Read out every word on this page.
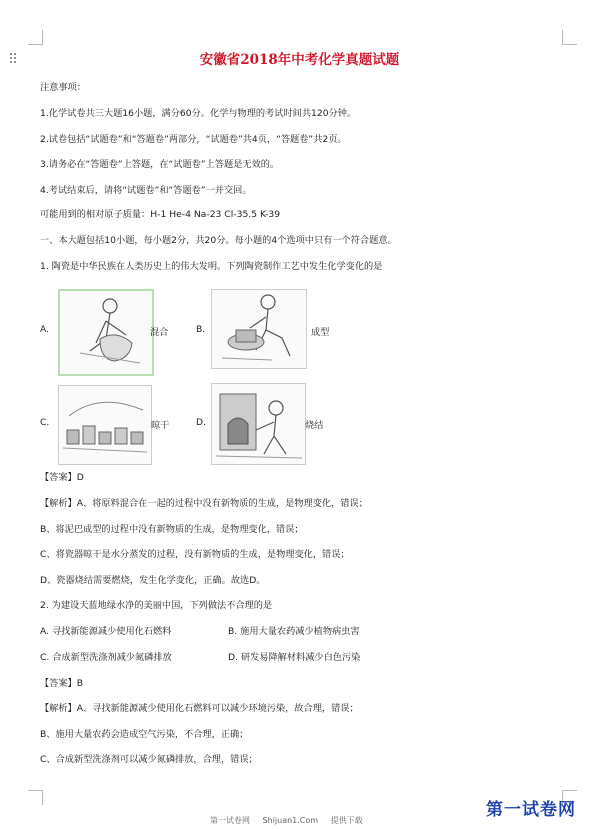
安徽省2018年中考化学真题试题
注意事项：
1.化学试卷共三大题16小题，满分60分。化学与物理的考试时间共120分钟。
2.试卷包括“试题卷”和“答题卷”两部分，“试题卷”共4页，“答题卷”共2页。
3.请务必在“答题卷”上答题，在“试题卷”上答题是无效的。
4.考试结束后，请将“试题卷”和“答题卷”一并交回。
可能用到的相对原子质量：H-1 He-4 Na-23 Cl-35.5 K-39
一、本大题包括10小题，每小题2分，共20分。每小题的4个选项中只有一个符合题意。
1. 陶瓷是中华民族在人类历史上的伟大发明。下列陶瓷制作工艺中发生化学变化的是
A.	混合	B.	成型
C.	晾干	D.	烧结
【答案】D
【解析】A、将原料混合在一起的过程中没有新物质的生成，是物理变化，错误；
B、将泥巴成型的过程中没有新物质的生成，是物理变化，错误；
C、将瓷器晾干是水分蒸发的过程，没有新物质的生成，是物理变化，错误；
D、瓷器烧结需要燃烧，发生化学变化，正确。故选D。
2. 为建设天蓝地绿水净的美丽中国，下列做法不合理的是
A. 寻找新能源减少使用化石燃料	B. 施用大量农药减少植物病虫害
C. 合成新型洗涤剂减少氮磷排放	D. 研发易降解材料减少白色污染
【答案】B
【解析】A、寻找新能源减少使用化石燃料可以减少环境污染，故合理，错误；
B、施用大量农药会造成空气污染，不合理，正确；
C、合成新型洗涤剂可以减少氮磷排放，合理，错误；
第一试卷网 Shijuan1.Com 提供下载
第一试卷网
